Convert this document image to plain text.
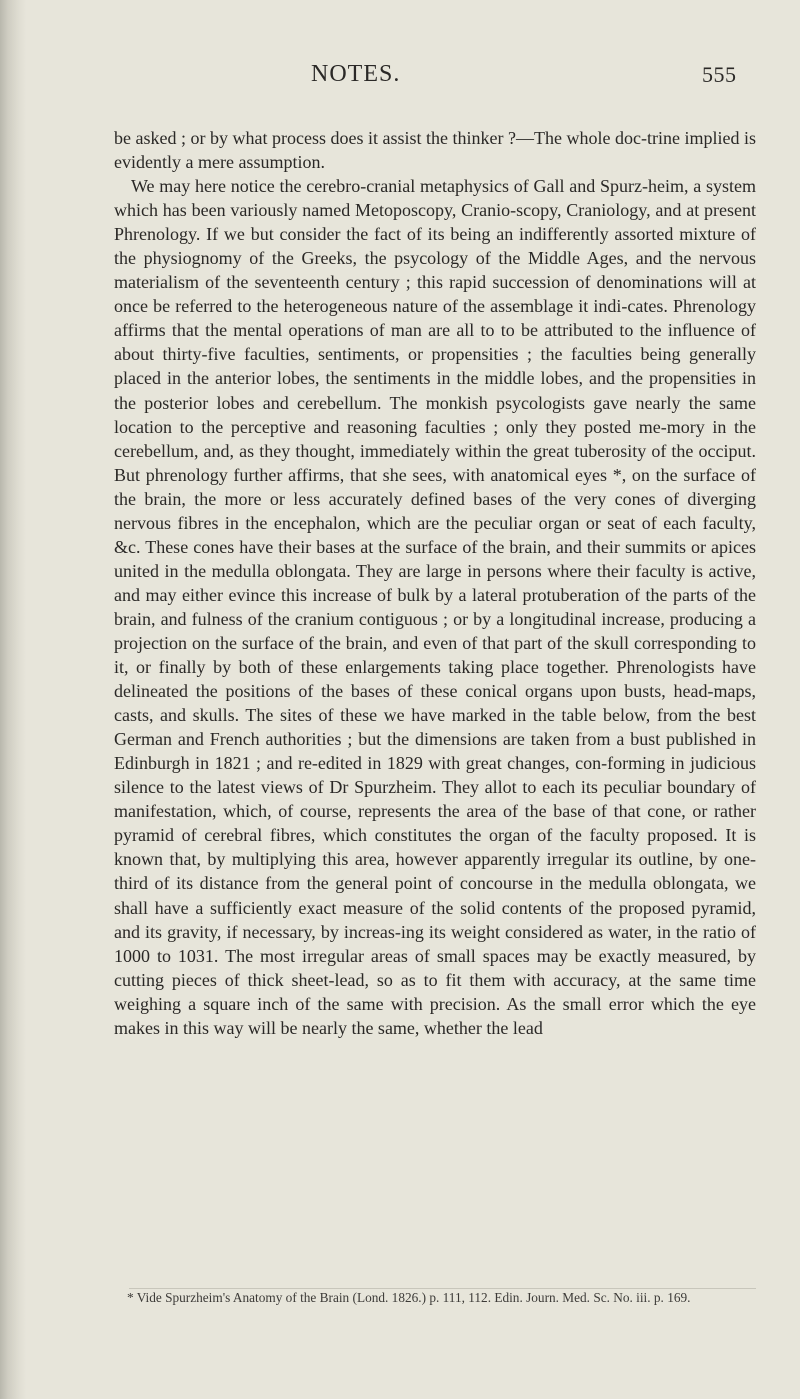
NOTES.	555

be asked ; or by what process does it assist the thinker ?—The whole doc-trine implied is evidently a mere assumption.

We may here notice the cerebro-cranial metaphysics of Gall and Spurz-heim, a system which has been variously named Metoposcopy, Cranio-scopy, Craniology, and at present Phrenology. If we but consider the fact of its being an indifferently assorted mixture of the physiognomy of the Greeks, the psycology of the Middle Ages, and the nervous materialism of the seventeenth century ; this rapid succession of denominations will at once be referred to the heterogeneous nature of the assemblage it indi-cates. Phrenology affirms that the mental operations of man are all to to be attributed to the influence of about thirty-five faculties, sentiments, or propensities ; the faculties being generally placed in the anterior lobes, the sentiments in the middle lobes, and the propensities in the posterior lobes and cerebellum. The monkish psycologists gave nearly the same location to the perceptive and reasoning faculties ; only they posted me-mory in the cerebellum, and, as they thought, immediately within the great tuberosity of the occiput. But phrenology further affirms, that she sees, with anatomical eyes *, on the surface of the brain, the more or less accurately defined bases of the very cones of diverging nervous fibres in the encephalon, which are the peculiar organ or seat of each faculty, &c. These cones have their bases at the surface of the brain, and their summits or apices united in the medulla oblongata. They are large in persons where their faculty is active, and may either evince this increase of bulk by a lateral protuberation of the parts of the brain, and fulness of the cranium contiguous ; or by a longitudinal increase, producing a projection on the surface of the brain, and even of that part of the skull corresponding to it, or finally by both of these enlargements taking place together. Phrenologists have delineated the positions of the bases of these conical organs upon busts, head-maps, casts, and skulls. The sites of these we have marked in the table below, from the best German and French authorities ; but the dimensions are taken from a bust published in Edinburgh in 1821 ; and re-edited in 1829 with great changes, con-forming in judicious silence to the latest views of Dr Spurzheim. They allot to each its peculiar boundary of manifestation, which, of course, represents the area of the base of that cone, or rather pyramid of cerebral fibres, which constitutes the organ of the faculty proposed. It is known that, by multiplying this area, however apparently irregular its outline, by one-third of its distance from the general point of concourse in the medulla oblongata, we shall have a sufficiently exact measure of the solid contents of the proposed pyramid, and its gravity, if necessary, by increas-ing its weight considered as water, in the ratio of 1000 to 1031. The most irregular areas of small spaces may be exactly measured, by cutting pieces of thick sheet-lead, so as to fit them with accuracy, at the same time weighing a square inch of the same with precision. As the small error which the eye makes in this way will be nearly the same, whether the lead

* Vide Spurzheim's Anatomy of the Brain (Lond. 1826.) p. 111, 112. Edin. Journ. Med. Sc. No. iii. p. 169.
